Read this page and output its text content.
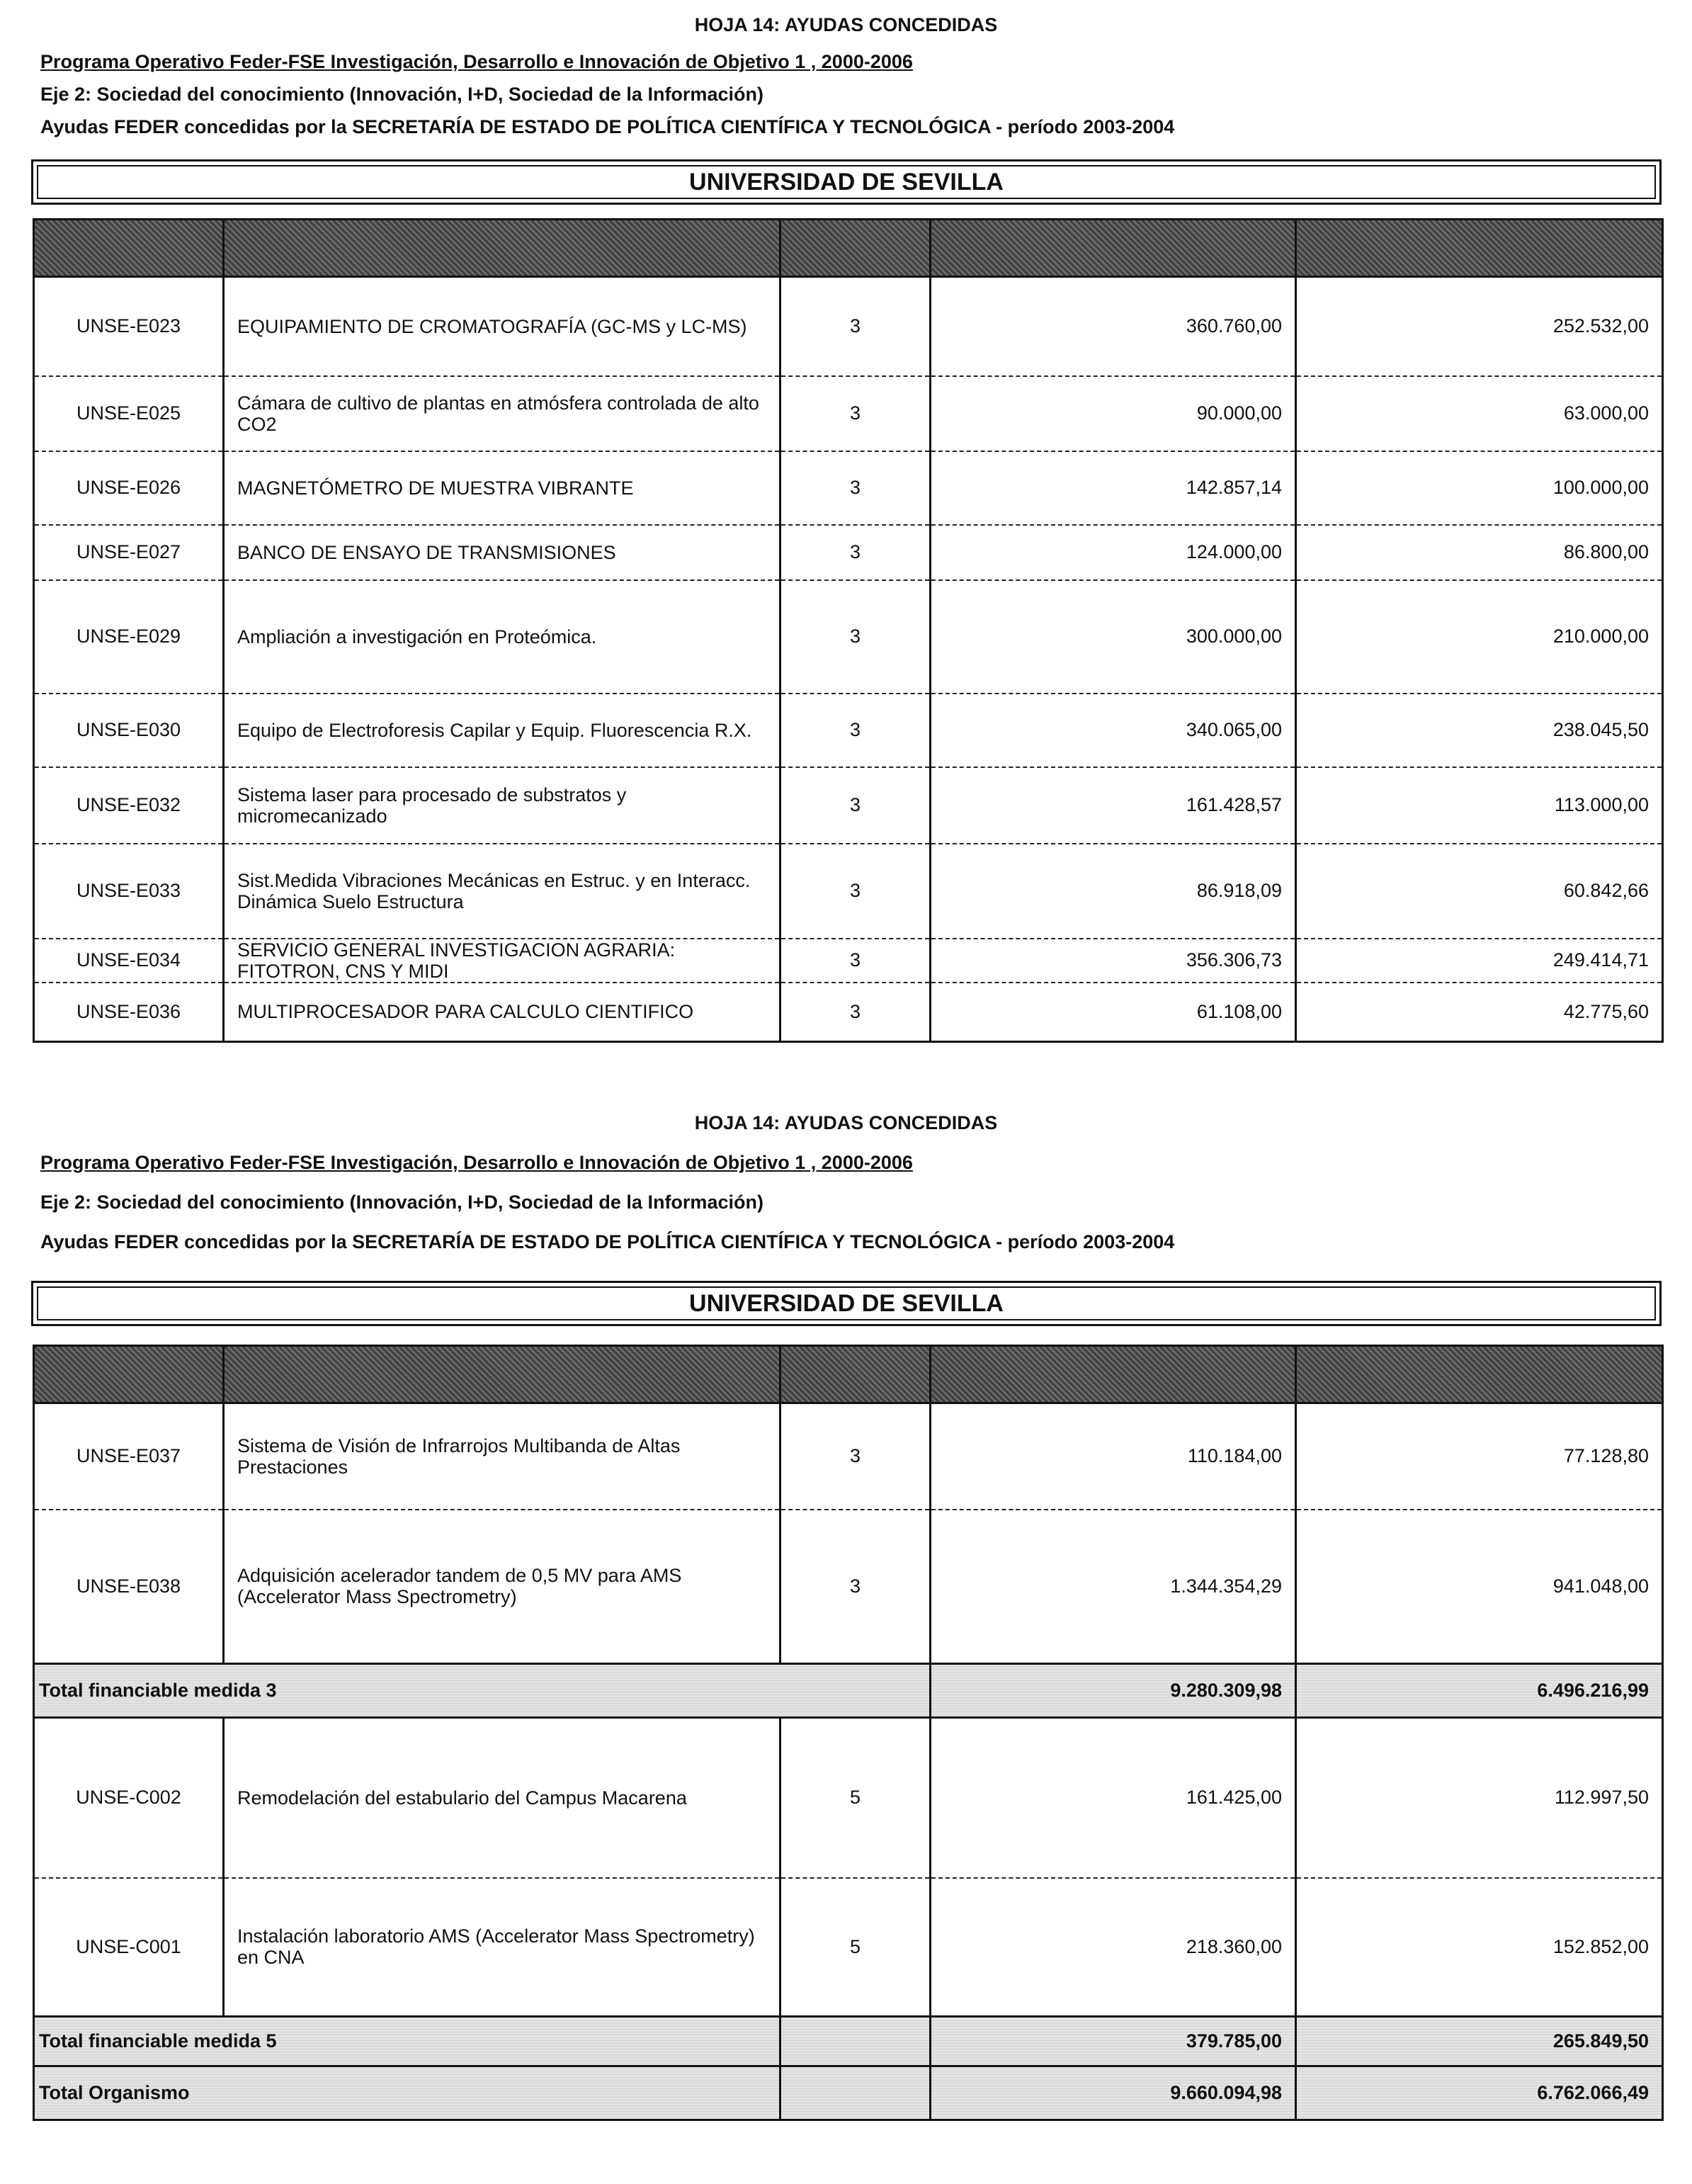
HOJA 14: AYUDAS CONCEDIDAS
Programa Operativo Feder-FSE Investigación, Desarrollo e Innovación de Objetivo 1 , 2000-2006
Eje 2: Sociedad del conocimiento (Innovación, I+D, Sociedad de la Información)
Ayudas FEDER concedidas por la SECRETARÍA DE ESTADO DE POLÍTICA CIENTÍFICA Y TECNOLÓGICA - período 2003-2004
UNIVERSIDAD DE SEVILLA

UNSE-E023	EQUIPAMIENTO DE CROMATOGRAFÍA (GC-MS y LC-MS)	3	360.760,00	252.532,00
UNSE-E025	Cámara de cultivo de plantas en atmósfera controlada de alto CO2	3	90.000,00	63.000,00
UNSE-E026	MAGNETÓMETRO DE MUESTRA VIBRANTE	3	142.857,14	100.000,00
UNSE-E027	BANCO DE ENSAYO DE TRANSMISIONES	3	124.000,00	86.800,00
UNSE-E029	Ampliación a investigación en Proteómica.	3	300.000,00	210.000,00
UNSE-E030	Equipo de Electroforesis Capilar y Equip. Fluorescencia R.X.	3	340.065,00	238.045,50
UNSE-E032	Sistema laser para procesado de substratos y micromecanizado	3	161.428,57	113.000,00
UNSE-E033	Sist.Medida Vibraciones Mecánicas en Estruc. y en Interacc. Dinámica Suelo Estructura	3	86.918,09	60.842,66
UNSE-E034	SERVICIO GENERAL INVESTIGACION AGRARIA: FITOTRON, CNS Y MIDI	3	356.306,73	249.414,71
UNSE-E036	MULTIPROCESADOR PARA CALCULO CIENTIFICO	3	61.108,00	42.775,60
HOJA 14: AYUDAS CONCEDIDAS
Programa Operativo Feder-FSE Investigación, Desarrollo e Innovación de Objetivo 1 , 2000-2006
Eje 2: Sociedad del conocimiento (Innovación, I+D, Sociedad de la Información)
Ayudas FEDER concedidas por la SECRETARÍA DE ESTADO DE POLÍTICA CIENTÍFICA Y TECNOLÓGICA - período 2003-2004
UNIVERSIDAD DE SEVILLA

UNSE-E037	Sistema de Visión de Infrarrojos Multibanda de Altas Prestaciones	3	110.184,00	77.128,80
UNSE-E038	Adquisición acelerador tandem de 0,5 MV para AMS (Accelerator Mass Spectrometry)	3	1.344.354,29	941.048,00
Total financiable medida 3			9.280.309,98	6.496.216,99
UNSE-C002	Remodelación del estabulario del Campus Macarena	5	161.425,00	112.997,50
UNSE-C001	Instalación laboratorio AMS (Accelerator Mass Spectrometry) en CNA	5	218.360,00	152.852,00
Total financiable medida 5			379.785,00	265.849,50
Total Organismo			9.660.094,98	6.762.066,49
